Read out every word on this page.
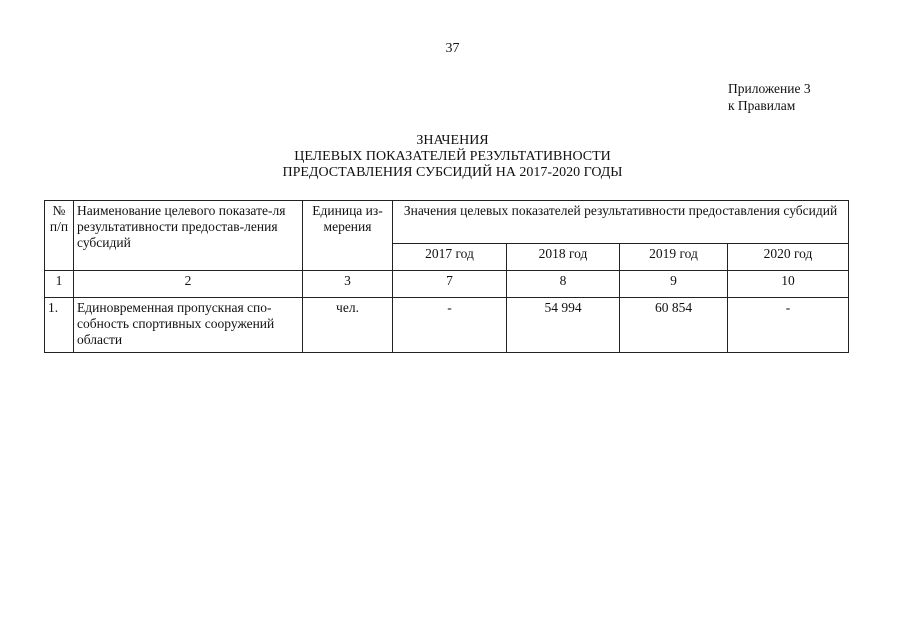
37
Приложение 3
к Правилам
ЗНАЧЕНИЯ
ЦЕЛЕВЫХ ПОКАЗАТЕЛЕЙ РЕЗУЛЬТАТИВНОСТИ
ПРЕДОСТАВЛЕНИЯ СУБСИДИЙ НА 2017-2020 ГОДЫ
№ п/п	Наименование целевого показате-ля результативности предостав-ления субсидий	Единица из-мерения	Значения целевых показателей результативности предоставления субсидий			
			2017 год	2018 год	2019 год	2020 год
1	2	3	7	8	9	10
1.	Единовременная пропускная спо-собность спортивных сооружений области	чел.	-	54 994	60 854	-
